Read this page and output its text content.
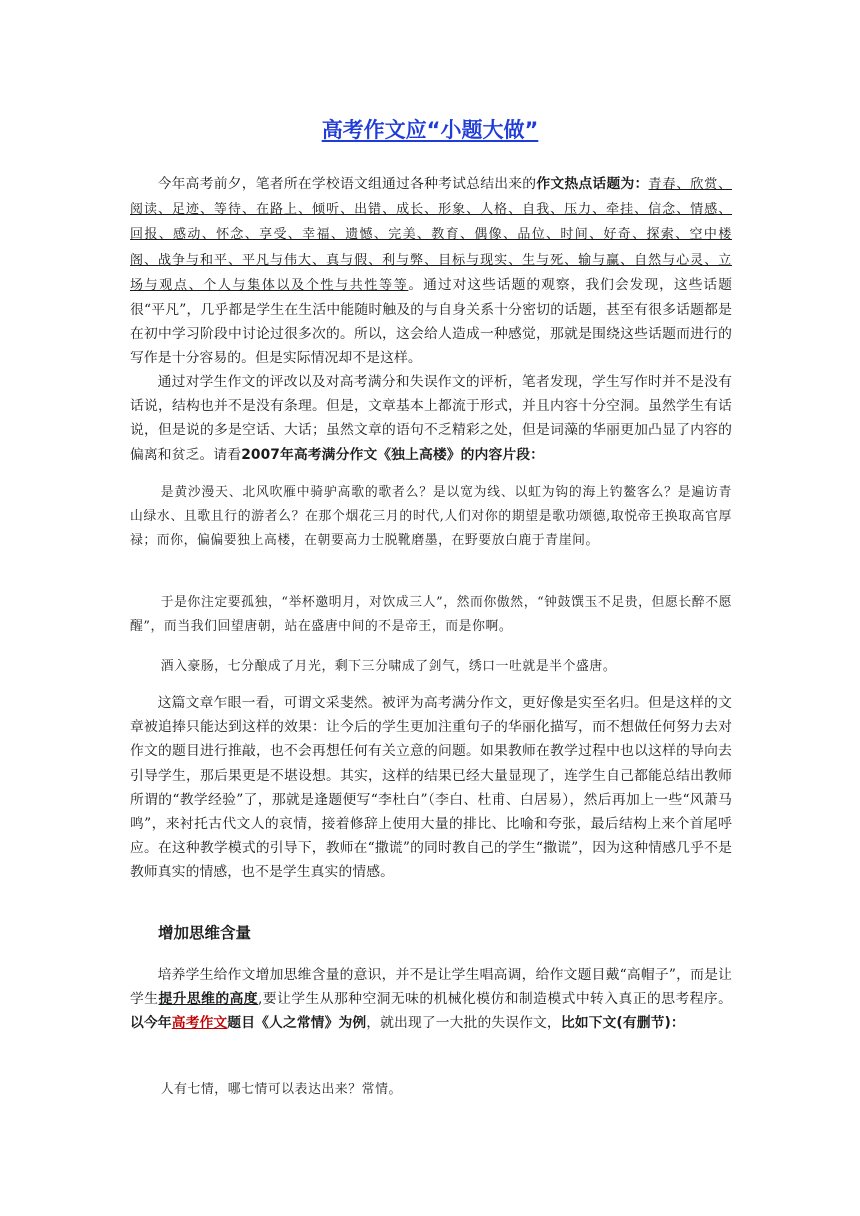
高考作文应“小题大做”

今年高考前夕，笔者所在学校语文组通过各种考试总结出来的作文热点话题为：青春、欣赏、阅读、足迹、等待、在路上、倾听、出错、成长、形象、人格、自我、压力、牵挂、信念、情感、回报、感动、怀念、享受、幸福、遗憾、完美、教育、偶像、品位、时间、好奇、探索、空中楼阁、战争与和平、平凡与伟大、真与假、利与弊、目标与现实、生与死、输与赢、自然与心灵、立场与观点、个人与集体以及个性与共性等等。通过对这些话题的观察，我们会发现，这些话题很“平凡”，几乎都是学生在生活中能随时触及的与自身关系十分密切的话题，甚至有很多话题都是在初中学习阶段中讨论过很多次的。所以，这会给人造成一种感觉，那就是围绕这些话题而进行的写作是十分容易的。但是实际情况却不是这样。

通过对学生作文的评改以及对高考满分和失误作文的评析，笔者发现，学生写作时并不是没有话说，结构也并不是没有条理。但是，文章基本上都流于形式，并且内容十分空洞。虽然学生有话说，但是说的多是空话、大话；虽然文章的语句不乏精彩之处，但是词藻的华丽更加凸显了内容的偏离和贫乏。请看2007年高考满分作文《独上高楼》的内容片段：

是黄沙漫天、北风吹雁中骑驴高歌的歌者么？是以宽为线、以虹为钩的海上钓鳌客么？是遍访青山绿水、且歌且行的游者么？在那个烟花三月的时代,人们对你的期望是歌功颂德,取悦帝王换取高官厚禄；而你，偏偏要独上高楼，在朝要高力士脱靴磨墨，在野要放白鹿于青崖间。

于是你注定要孤独，“举杯邀明月，对饮成三人”，然而你傲然，“钟鼓馔玉不足贵，但愿长醉不愿醒”，而当我们回望唐朝，站在盛唐中间的不是帝王，而是你啊。

酒入豪肠，七分酿成了月光，剩下三分啸成了剑气，绣口一吐就是半个盛唐。

这篇文章乍眼一看，可谓文采斐然。被评为高考满分作文，更好像是实至名归。但是这样的文章被追捧只能达到这样的效果：让今后的学生更加注重句子的华丽化描写，而不想做任何努力去对作文的题目进行推敲，也不会再想任何有关立意的问题。如果教师在教学过程中也以这样的导向去引导学生，那后果更是不堪设想。其实，这样的结果已经大量显现了，连学生自己都能总结出教师所谓的“教学经验”了，那就是逢题便写“李杜白”（李白、杜甫、白居易），然后再加上一些“风萧马鸣”，来衬托古代文人的哀情，接着修辞上使用大量的排比、比喻和夸张，最后结构上来个首尾呼应。在这种教学模式的引导下，教师在“撒谎”的同时教自己的学生“撒谎”，因为这种情感几乎不是教师真实的情感，也不是学生真实的情感。

增加思维含量

培养学生给作文增加思维含量的意识，并不是让学生唱高调，给作文题目戴“高帽子”，而是让学生提升思维的高度,要让学生从那种空洞无味的机械化模仿和制造模式中转入真正的思考程序。以今年高考作文题目《人之常情》为例，就出现了一大批的失误作文，比如下文(有删节)：

人有七情，哪七情可以表达出来？常情。
